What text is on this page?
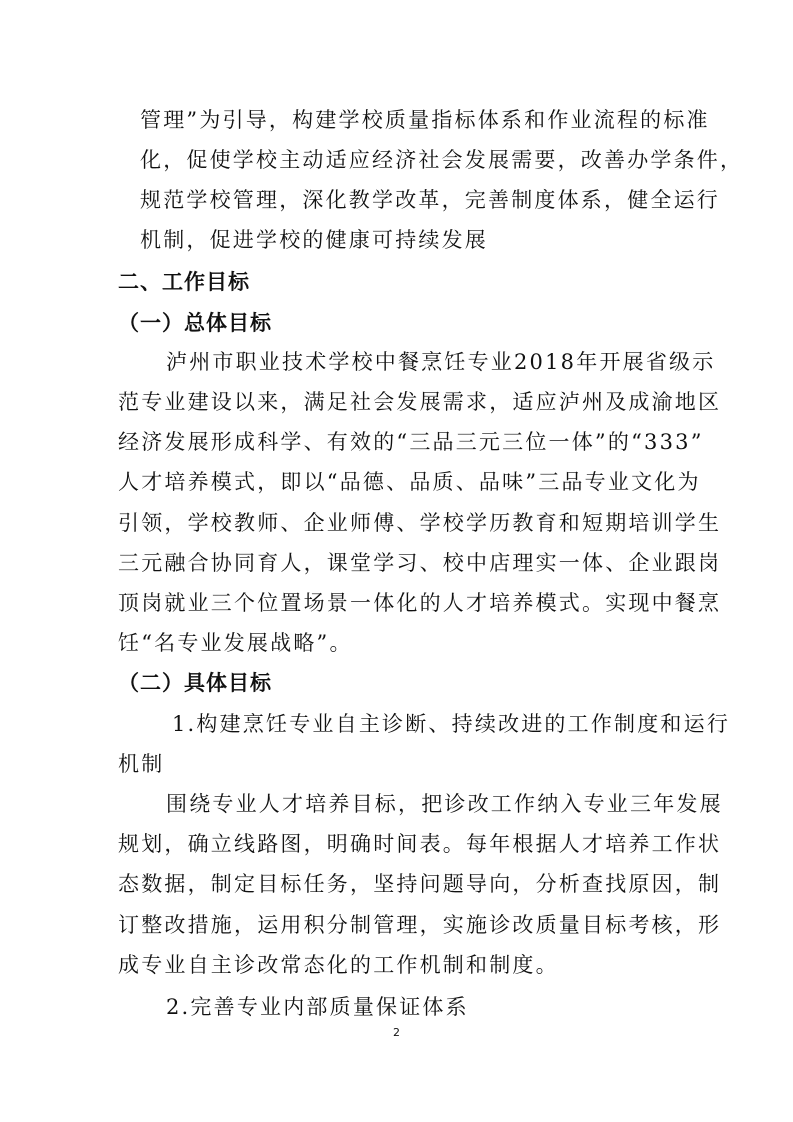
管理”为引导，构建学校质量指标体系和作业流程的标准
化，促使学校主动适应经济社会发展需要，改善办学条件，
规范学校管理，深化教学改革，完善制度体系，健全运行
机制，促进学校的健康可持续发展
二、工作目标
（一）总体目标
泸州市职业技术学校中餐烹饪专业2018年开展省级示
范专业建设以来，满足社会发展需求，适应泸州及成渝地区
经济发展形成科学、有效的“三品三元三位一体”的“333”
人才培养模式，即以“品德、品质、品味”三品专业文化为
引领，学校教师、企业师傅、学校学历教育和短期培训学生
三元融合协同育人，课堂学习、校中店理实一体、企业跟岗
顶岗就业三个位置场景一体化的人才培养模式。实现中餐烹
饪“名专业发展战略”。
（二）具体目标
1.构建烹饪专业自主诊断、持续改进的工作制度和运行
机制
围绕专业人才培养目标，把诊改工作纳入专业三年发展
规划，确立线路图，明确时间表。每年根据人才培养工作状
态数据，制定目标任务，坚持问题导向，分析查找原因，制
订整改措施，运用积分制管理，实施诊改质量目标考核，形
成专业自主诊改常态化的工作机制和制度。
2.完善专业内部质量保证体系
2
